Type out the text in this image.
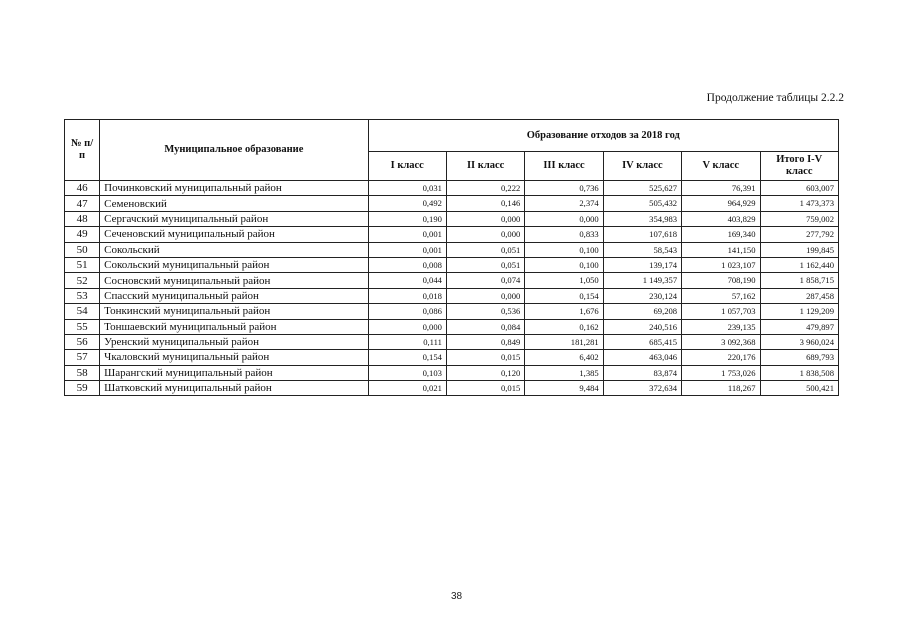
Продолжение таблицы 2.2.2
№ п/п	Муниципальное образование	Образование отходов за 2018 год					
		I класс	II класс	III класс	IV класс	V класс	Итого I-V класс
46	Починковский муниципальный район	0,031	0,222	0,736	525,627	76,391	603,007
47	Семеновский	0,492	0,146	2,374	505,432	964,929	1 473,373
48	Сергачский муниципальный район	0,190	0,000	0,000	354,983	403,829	759,002
49	Сеченовский муниципальный район	0,001	0,000	0,833	107,618	169,340	277,792
50	Сокольский	0,001	0,051	0,100	58,543	141,150	199,845
51	Сокольский муниципальный район	0,008	0,051	0,100	139,174	1 023,107	1 162,440
52	Сосновский муниципальный район	0,044	0,074	1,050	1 149,357	708,190	1 858,715
53	Спасский муниципальный район	0,018	0,000	0,154	230,124	57,162	287,458
54	Тонкинский муниципальный район	0,086	0,536	1,676	69,208	1 057,703	1 129,209
55	Тоншаевский муниципальный район	0,000	0,084	0,162	240,516	239,135	479,897
56	Уренский муниципальный район	0,111	0,849	181,281	685,415	3 092,368	3 960,024
57	Чкаловский муниципальный район	0,154	0,015	6,402	463,046	220,176	689,793
58	Шарангский муниципальный район	0,103	0,120	1,385	83,874	1 753,026	1 838,508
59	Шатковский муниципальный район	0,021	0,015	9,484	372,634	118,267	500,421
38
